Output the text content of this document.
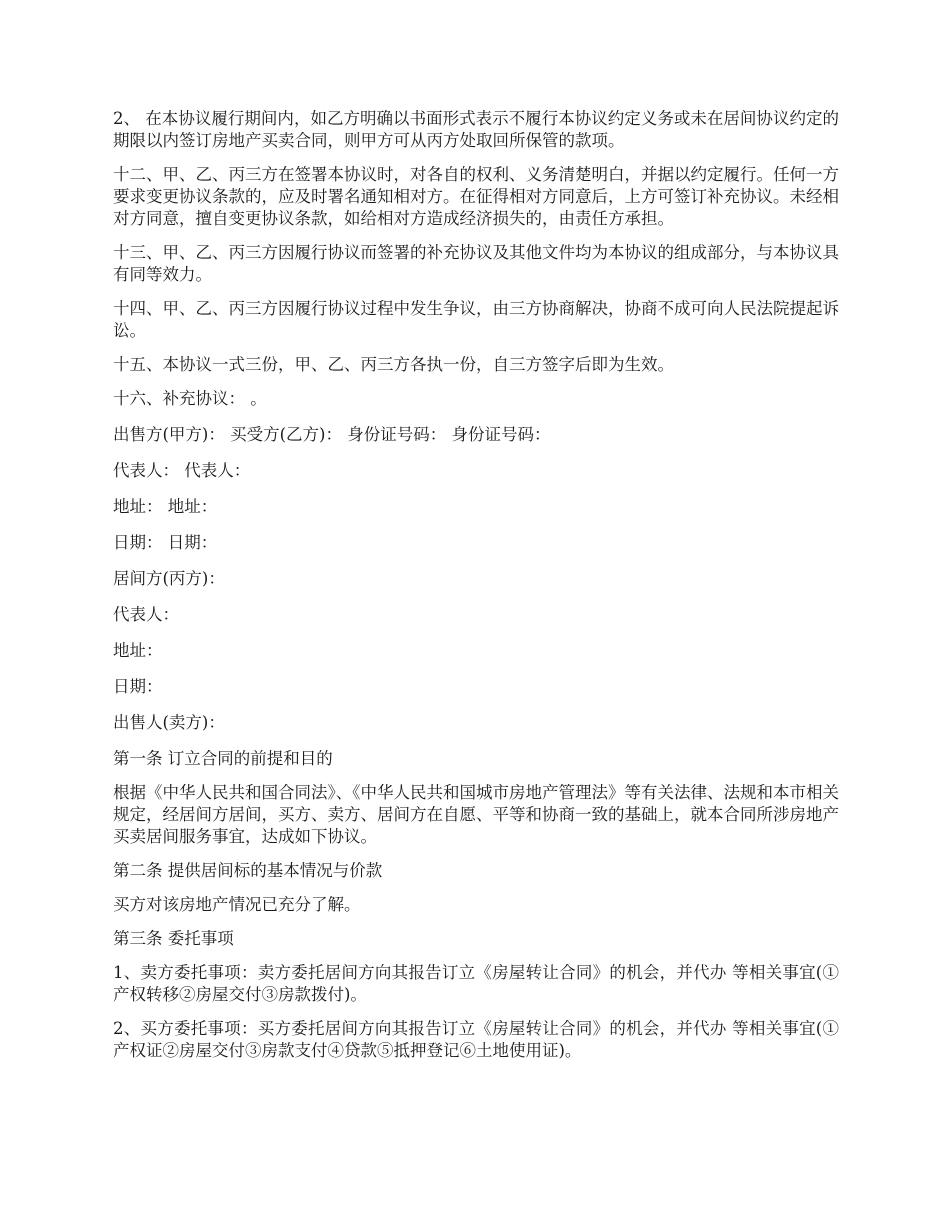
2、 在本协议履行期间内，如乙方明确以书面形式表示不履行本协议约定义务或未在居间协议约定的期限以内签订房地产买卖合同，则甲方可从丙方处取回所保管的款项。

十二、甲、乙、丙三方在签署本协议时，对各自的权利、义务清楚明白，并据以约定履行。任何一方要求变更协议条款的，应及时署名通知相对方。在征得相对方同意后，上方可签订补充协议。未经相对方同意，擅自变更协议条款，如给相对方造成经济损失的，由责任方承担。

十三、甲、乙、丙三方因履行协议而签署的补充协议及其他文件均为本协议的组成部分，与本协议具有同等效力。

十四、甲、乙、丙三方因履行协议过程中发生争议，由三方协商解决，协商不成可向人民法院提起诉讼。

十五、本协议一式三份，甲、乙、丙三方各执一份，自三方签字后即为生效。

十六、补充协议： 。

出售方(甲方)： 买受方(乙方)： 身份证号码： 身份证号码：

代表人： 代表人：

地址： 地址：

日期： 日期：

居间方(丙方)：

代表人：

地址：

日期：

出售人(卖方)：

第一条 订立合同的前提和目的

根据《中华人民共和国合同法》、《中华人民共和国城市房地产管理法》等有关法律、法规和本市相关规定，经居间方居间，买方、卖方、居间方在自愿、平等和协商一致的基础上，就本合同所涉房地产买卖居间服务事宜，达成如下协议。

第二条 提供居间标的基本情况与价款

买方对该房地产情况已充分了解。

第三条 委托事项

1、卖方委托事项：卖方委托居间方向其报告订立《房屋转让合同》的机会，并代办 等相关事宜(① 产权转移②房屋交付③房款拨付)。

2、买方委托事项：买方委托居间方向其报告订立《房屋转让合同》的机会，并代办 等相关事宜(① 产权证②房屋交付③房款支付④贷款⑤抵押登记⑥土地使用证)。
